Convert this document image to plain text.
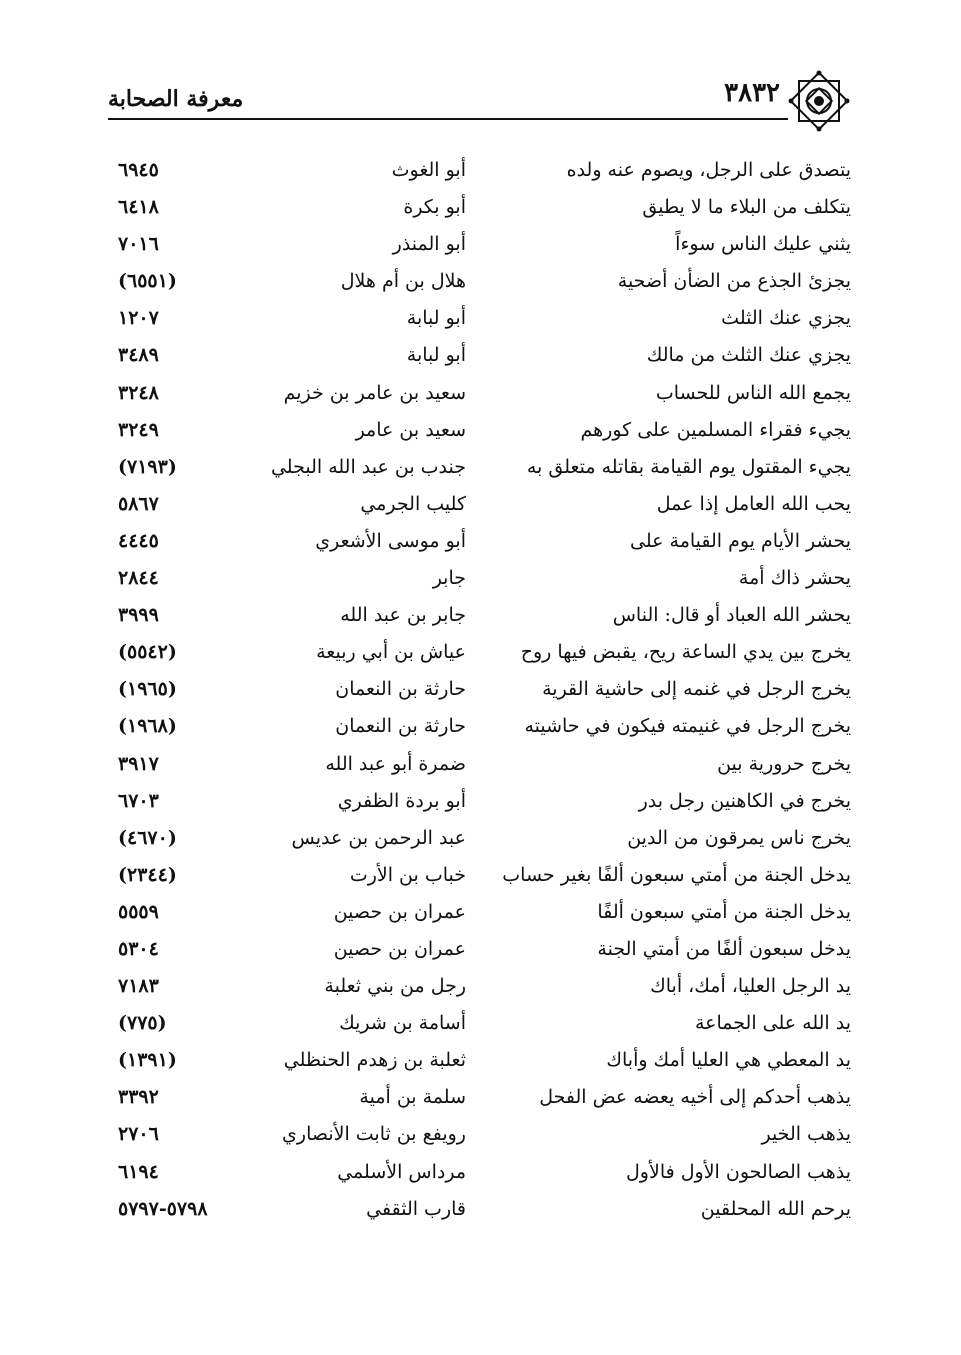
٣٨٣٢
معرفة الصحابة
يتصدق على الرجل، ويصوم عنه ولده
أبو الغوث
٦٩٤٥
يتكلف من البلاء ما لا يطيق
أبو بكرة
٦٤١٨
يثني عليك الناس سوءاً
أبو المنذر
٧٠١٦
يجزئ الجذع من الضأن أضحية
هلال بن أم هلال
(٦٥٥١)
يجزي عنك الثلث
أبو لبابة
١٢٠٧
يجزي عنك الثلث من مالك
أبو لبابة
٣٤٨٩
يجمع الله الناس للحساب
سعيد بن عامر بن خزيم
٣٢٤٨
يجيء فقراء المسلمين على كورهم
سعيد بن عامر
٣٢٤٩
يجيء المقتول يوم القيامة بقاتله متعلق به
جندب بن عبد الله البجلي
(٧١٩٣)
يحب الله العامل إذا عمل
كليب الجرمي
٥٨٦٧
يحشر الأيام يوم القيامة على
أبو موسى الأشعري
٤٤٤٥
يحشر ذاك أمة
جابر
٢٨٤٤
يحشر الله العباد أو قال: الناس
جابر بن عبد الله
٣٩٩٩
يخرج بين يدي الساعة ريح، يقبض فيها روح
عياش بن أبي ربيعة
(٥٥٤٢)
يخرج الرجل في غنمه إلى حاشية القرية
حارثة بن النعمان
(١٩٦٥)
يخرج الرجل في غنيمته فيكون في حاشيته
حارثة بن النعمان
(١٩٦٨)
يخرج حرورية بين
ضمرة أبو عبد الله
٣٩١٧
يخرج في الكاهنين رجل بدر
أبو بردة الظفري
٦٧٠٣
يخرج ناس يمرقون من الدين
عبد الرحمن بن عديس
(٤٦٧٠)
يدخل الجنة من أمتي سبعون ألفًا بغير حساب
خباب بن الأرت
(٢٣٤٤)
يدخل الجنة من أمتي سبعون ألفًا
عمران بن حصين
٥٥٥٩
يدخل سبعون ألفًا من أمتي الجنة
عمران بن حصين
٥٣٠٤
يد الرجل العليا، أمك، أباك
رجل من بني ثعلبة
٧١٨٣
يد الله على الجماعة
أسامة بن شريك
(٧٧٥)
يد المعطي هي العليا أمك وأباك
ثعلبة بن زهدم الحنظلي
(١٣٩١)
يذهب أحدكم إلى أخيه يعضه عض الفحل
سلمة بن أمية
٣٣٩٢
يذهب الخير
رويفع بن ثابت الأنصاري
٢٧٠٦
يذهب الصالحون الأول فالأول
مرداس الأسلمي
٦١٩٤
يرحم الله المحلقين
قارب الثقفي
٥٧٩٨-٥٧٩٧
